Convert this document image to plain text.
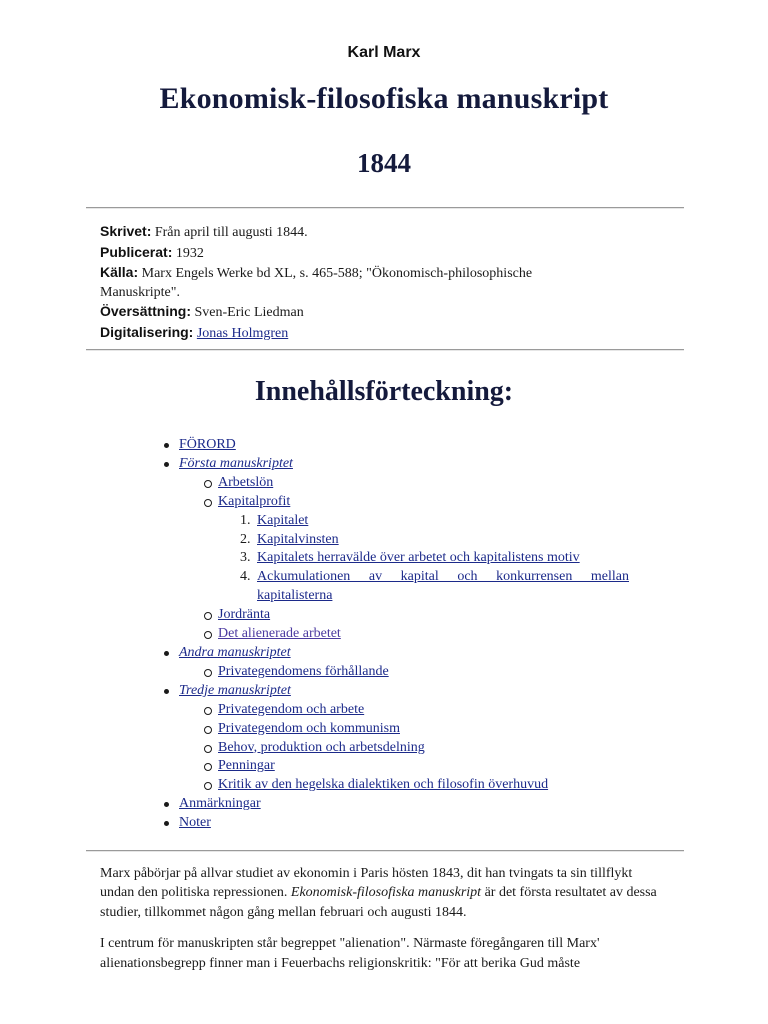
Karl Marx
Ekonomisk-filosofiska manuskript
1844
Skrivet: Från april till augusti 1844.
Publicerat: 1932
Källa: Marx Engels Werke bd XL, s. 465-588; "Ökonomisch-philosophische
Manuskripte".
Översättning: Sven-Eric Liedman
Digitalisering: Jonas Holmgren
Innehållsförteckning:
FÖRORD
Första manuskriptet
Arbetslön
Kapitalprofit
1. Kapitalet
2. Kapitalvinsten
3. Kapitalets herravälde över arbetet och kapitalistens motiv
4. Ackumulationen av kapital och konkurrensen mellan
kapitalisterna
Jordränta
Det alienerade arbetet
Andra manuskriptet
Privategendomens förhållande
Tredje manuskriptet
Privategendom och arbete
Privategendom och kommunism
Behov, produktion och arbetsdelning
Penningar
Kritik av den hegelska dialektiken och filosofin överhuvud
Anmärkningar
Noter

Marx påbörjar på allvar studiet av ekonomin i Paris hösten 1843, dit han tvingats ta sin tillflykt undan den politiska repressionen. Ekonomisk-filosofiska manuskript är det första resultatet av dessa studier, tillkommet någon gång mellan februari och augusti 1844.

I centrum för manuskripten står begreppet "alienation". Närmaste föregångaren till Marx' alienationsbegrepp finner man i Feuerbachs religionskritik: "För att berika Gud måste
